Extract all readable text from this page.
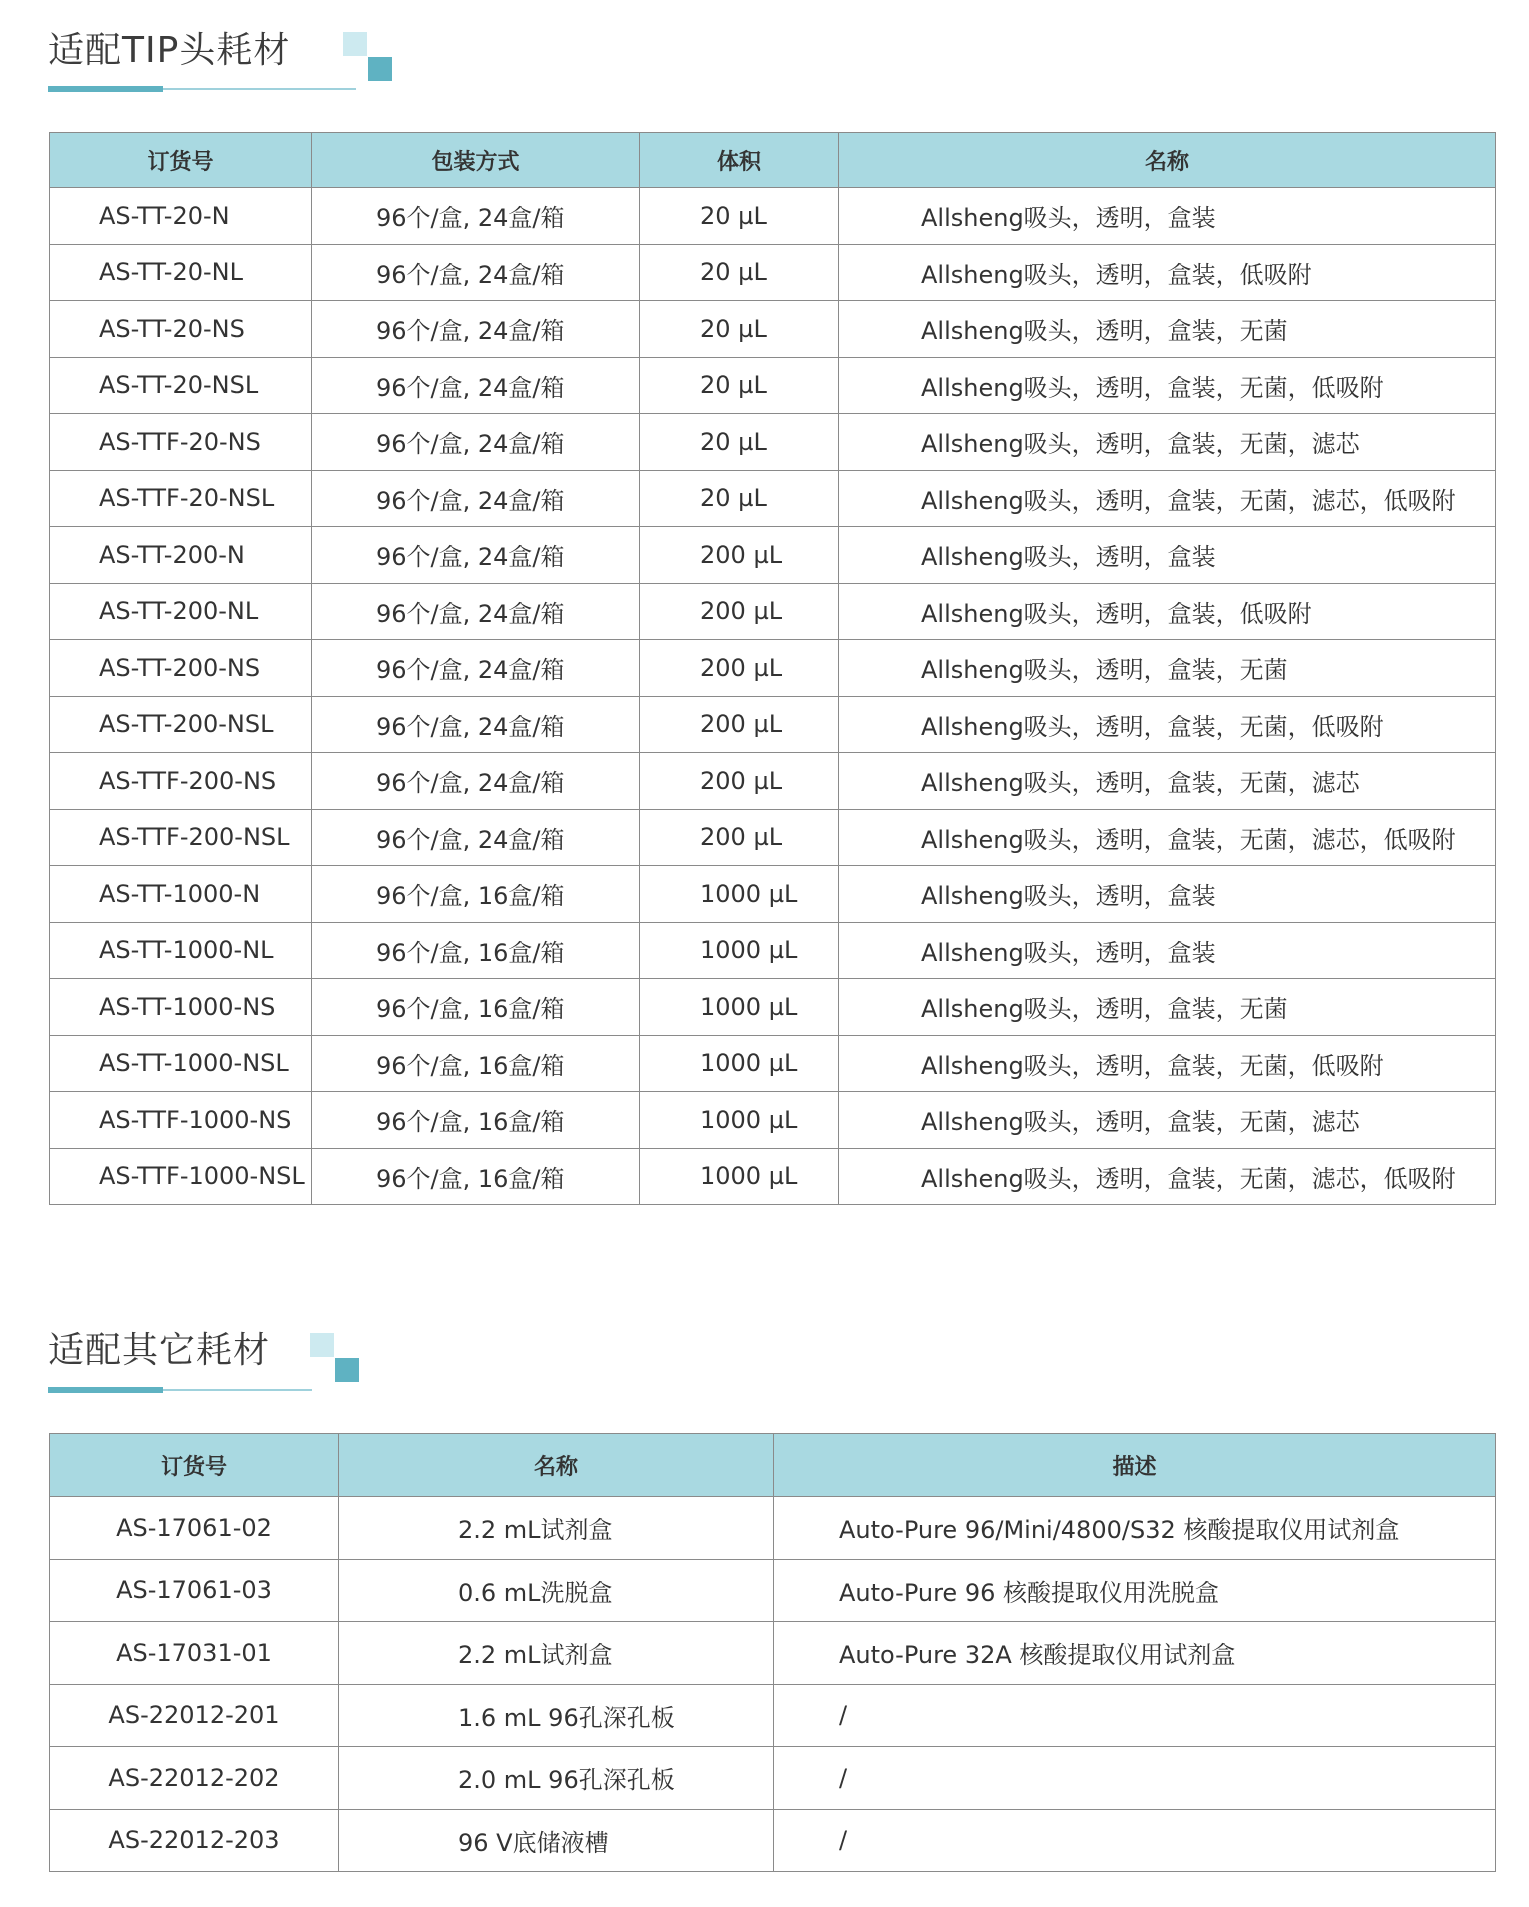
适配TIP头耗材
订货号	包装方式	体积	名称
AS-TT-20-N	96个/盒, 24盒/箱	20 µL	Allsheng吸头，透明，盒装
AS-TT-20-NL	96个/盒, 24盒/箱	20 µL	Allsheng吸头，透明，盒装，低吸附
AS-TT-20-NS	96个/盒, 24盒/箱	20 µL	Allsheng吸头，透明，盒装，无菌
AS-TT-20-NSL	96个/盒, 24盒/箱	20 µL	Allsheng吸头，透明，盒装，无菌，低吸附
AS-TTF-20-NS	96个/盒, 24盒/箱	20 µL	Allsheng吸头，透明，盒装，无菌，滤芯
AS-TTF-20-NSL	96个/盒, 24盒/箱	20 µL	Allsheng吸头，透明，盒装，无菌，滤芯，低吸附
AS-TT-200-N	96个/盒, 24盒/箱	200 µL	Allsheng吸头，透明，盒装
AS-TT-200-NL	96个/盒, 24盒/箱	200 µL	Allsheng吸头，透明，盒装，低吸附
AS-TT-200-NS	96个/盒, 24盒/箱	200 µL	Allsheng吸头，透明，盒装，无菌
AS-TT-200-NSL	96个/盒, 24盒/箱	200 µL	Allsheng吸头，透明，盒装，无菌，低吸附
AS-TTF-200-NS	96个/盒, 24盒/箱	200 µL	Allsheng吸头，透明，盒装，无菌，滤芯
AS-TTF-200-NSL	96个/盒, 24盒/箱	200 µL	Allsheng吸头，透明，盒装，无菌，滤芯，低吸附
AS-TT-1000-N	96个/盒, 16盒/箱	1000 µL	Allsheng吸头，透明，盒装
AS-TT-1000-NL	96个/盒, 16盒/箱	1000 µL	Allsheng吸头，透明，盒装
AS-TT-1000-NS	96个/盒, 16盒/箱	1000 µL	Allsheng吸头，透明，盒装，无菌
AS-TT-1000-NSL	96个/盒, 16盒/箱	1000 µL	Allsheng吸头，透明，盒装，无菌，低吸附
AS-TTF-1000-NS	96个/盒, 16盒/箱	1000 µL	Allsheng吸头，透明，盒装，无菌，滤芯
AS-TTF-1000-NSL	96个/盒, 16盒/箱	1000 µL	Allsheng吸头，透明，盒装，无菌，滤芯，低吸附
适配其它耗材
订货号	名称	描述
AS-17061-02	2.2 mL试剂盒	Auto-Pure 96/Mini/4800/S32 核酸提取仪用试剂盒
AS-17061-03	0.6 mL洗脱盒	Auto-Pure 96 核酸提取仪用洗脱盒
AS-17031-01	2.2 mL试剂盒	Auto-Pure 32A 核酸提取仪用试剂盒
AS-22012-201	1.6 mL 96孔深孔板	/
AS-22012-202	2.0 mL 96孔深孔板	/
AS-22012-203	96 V底储液槽	/
